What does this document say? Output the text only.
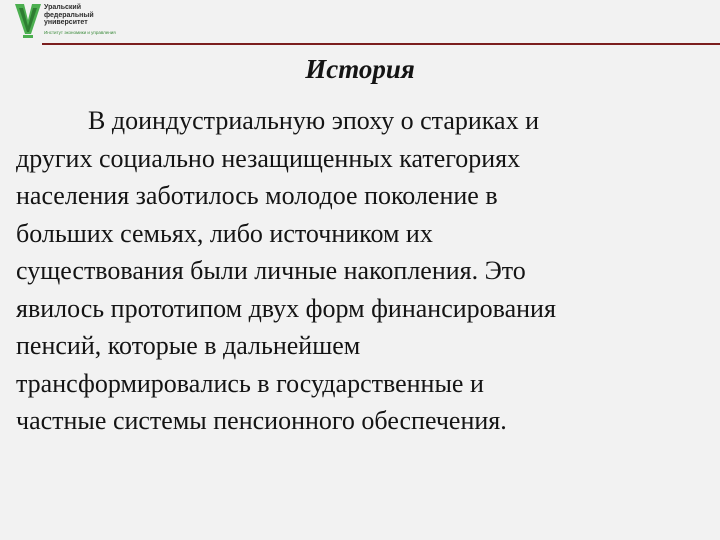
Уральский

федеральный

университет

Институт экономики и управления
История

В доиндустриальную эпоху о стариках и
других социально незащищенных категориях
населения заботилось молодое поколение в
больших семьях, либо источником их
существования были личные накопления. Это
явилось прототипом двух форм финансирования
пенсий, которые в дальнейшем
трансформировались в государственные и
частные системы пенсионного обеспечения.
